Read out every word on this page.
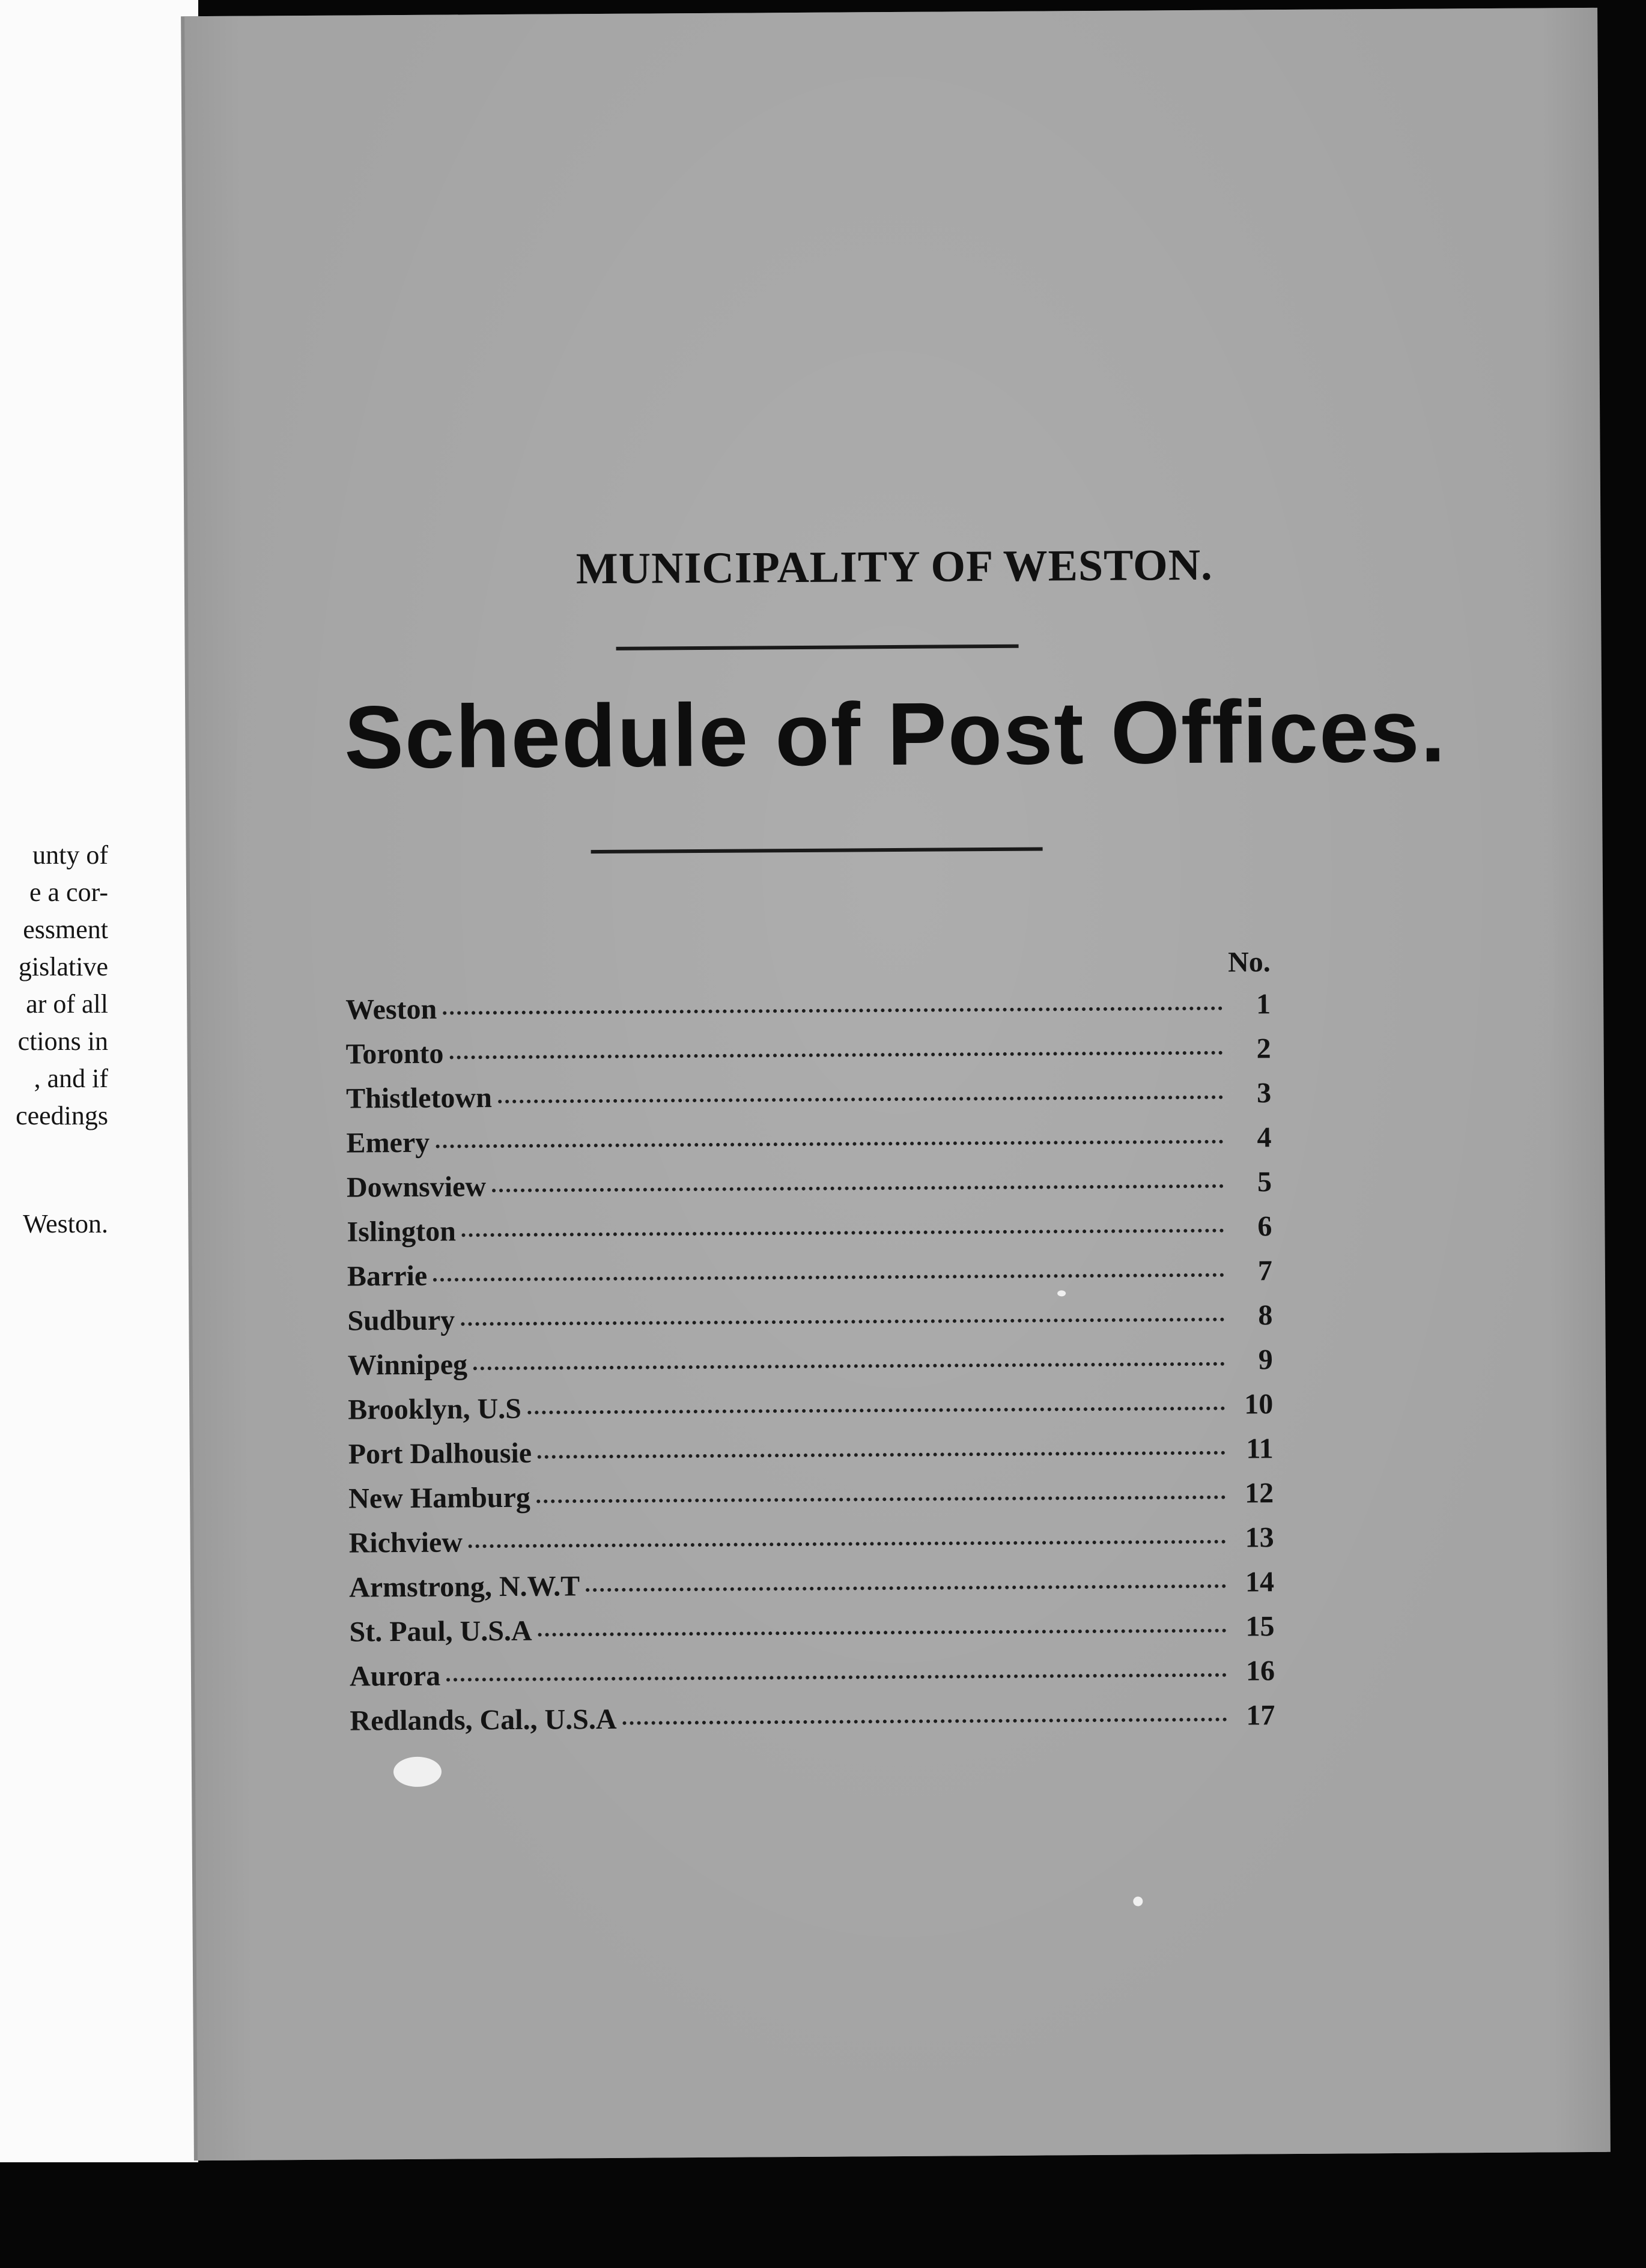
unty of

e a cor-

essment

gislative

ar of all

ctions in

, and if

ceedings

Weston.

MUNICIPALITY OF WESTON.
Schedule of Post Offices.
No.
Weston	1
Toronto	2
Thistletown	3
Emery	4
Downsview	5
Islington	6
Barrie	7
Sudbury	8
Winnipeg	9
Brooklyn, U.S	10
Port Dalhousie	11
New Hamburg	12
Richview	13
Armstrong, N.W.T	14
St. Paul, U.S.A	15
Aurora	16
Redlands, Cal., U.S.A	17
